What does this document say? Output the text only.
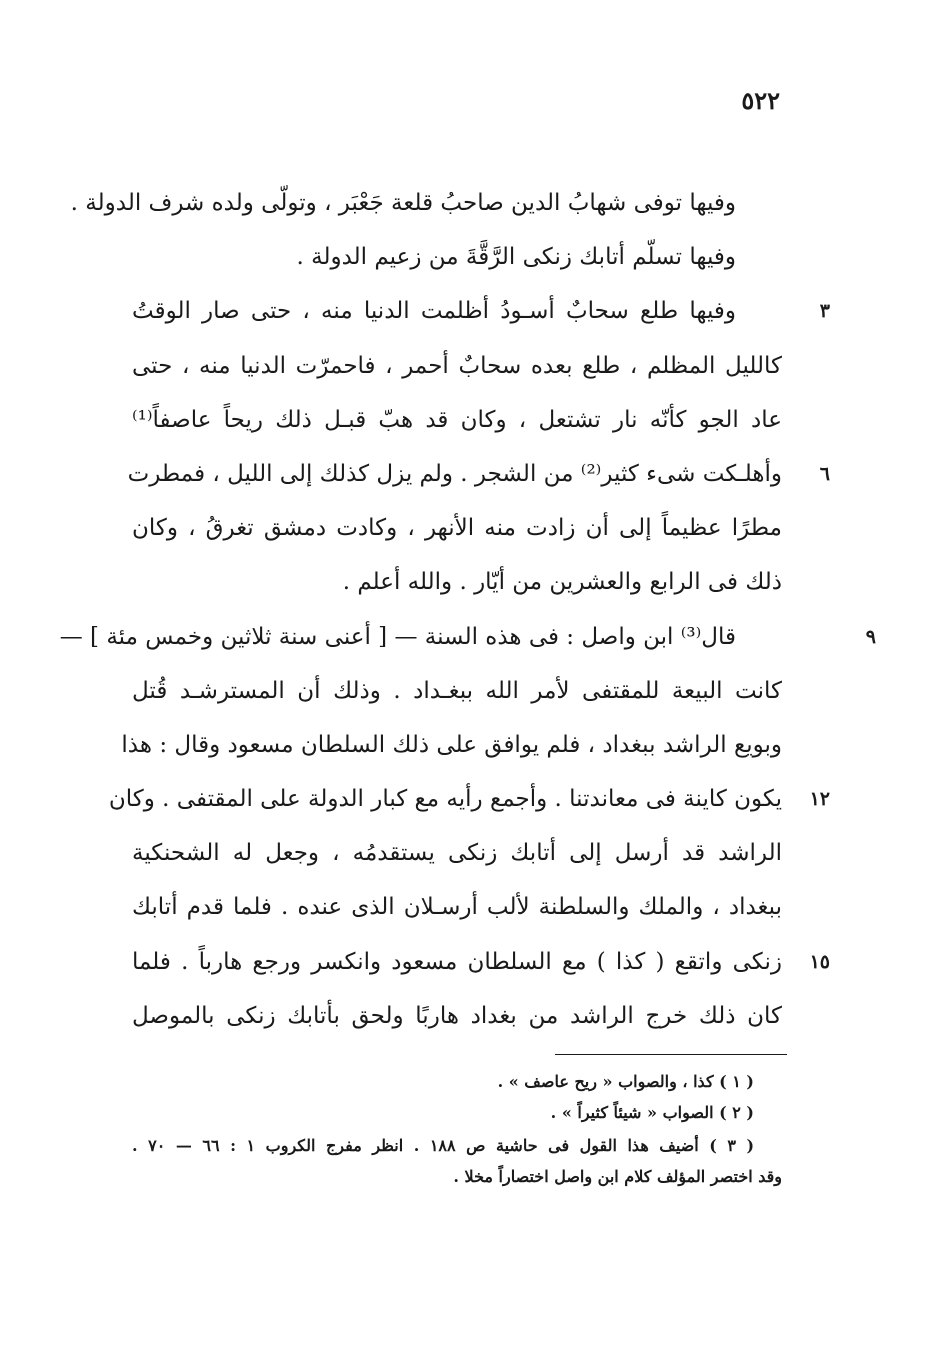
٥٢٢
وفيها توفى شهابُ الدين صاحبُ قلعة جَعْبَر ، وتولّى ولده شرف الدولة .
وفيها تسلّم أتابك زنكى الرَّقَّةَ من زعيم الدولة .
٣
وفيها طلع سحابٌ أسـودُ أظلمت الدنيا منه ، حتى صار الوقتُ
كالليل المظلم ، طلع بعده سحابٌ أحمر ، فاحمرّت الدنيا منه ، حتى
عاد الجو كأنّه نار تشتعل ، وكان قد هبّ قبـل ذلك ريحاً عاصفاً⁽¹⁾
٦
وأهلـكت شىء كثير⁽²⁾ من الشجر . ولم يزل كذلك إلى الليل ، فمطرت
مطرًا عظيماً إلى أن زادت منه الأنهر ، وكادت دمشق تغرقُ ، وكان
ذلك فى الرابع والعشرين من أيّار . والله أعلم .
٩
قال⁽³⁾ ابن واصل : فى هذه السنة — [ أعنى سنة ثلاثين وخمس مئة ] —
كانت البيعة للمقتفى لأمر الله ببغـداد . وذلك أن المسترشـد قُتل
وبويع الراشد ببغداد ، فلم يوافق على ذلك السلطان مسعود وقال : هذا
١٢
يكون كاينة فى معاندتنا . وأجمع رأيه مع كبار الدولة على المقتفى . وكان
الراشد قد أرسل إلى أتابك زنكى يستقدمُه ، وجعل له الشحنكية
ببغداد ، والملك والسلطنة لألب أرسـلان الذى عنده . فلما قدم أتابك
١٥
زنكى واتقع ( كذا ) مع السلطان مسعود وانكسر ورجع هارباً . فلما
كان ذلك خرج الراشد من بغداد هاربًا ولحق بأتابك زنكى بالموصل
( ١ ) كذا ، والصواب « ريح عاصف » .
( ٢ ) الصواب « شيئاً كثيراً » .
( ٣ ) أضيف هذا القول فى حاشية ص ١٨٨ . انظر مفرج الكروب ١ : ٦٦ — ٧٠ .
وقد اختصر المؤلف كلام ابن واصل اختصاراً مخلا .
